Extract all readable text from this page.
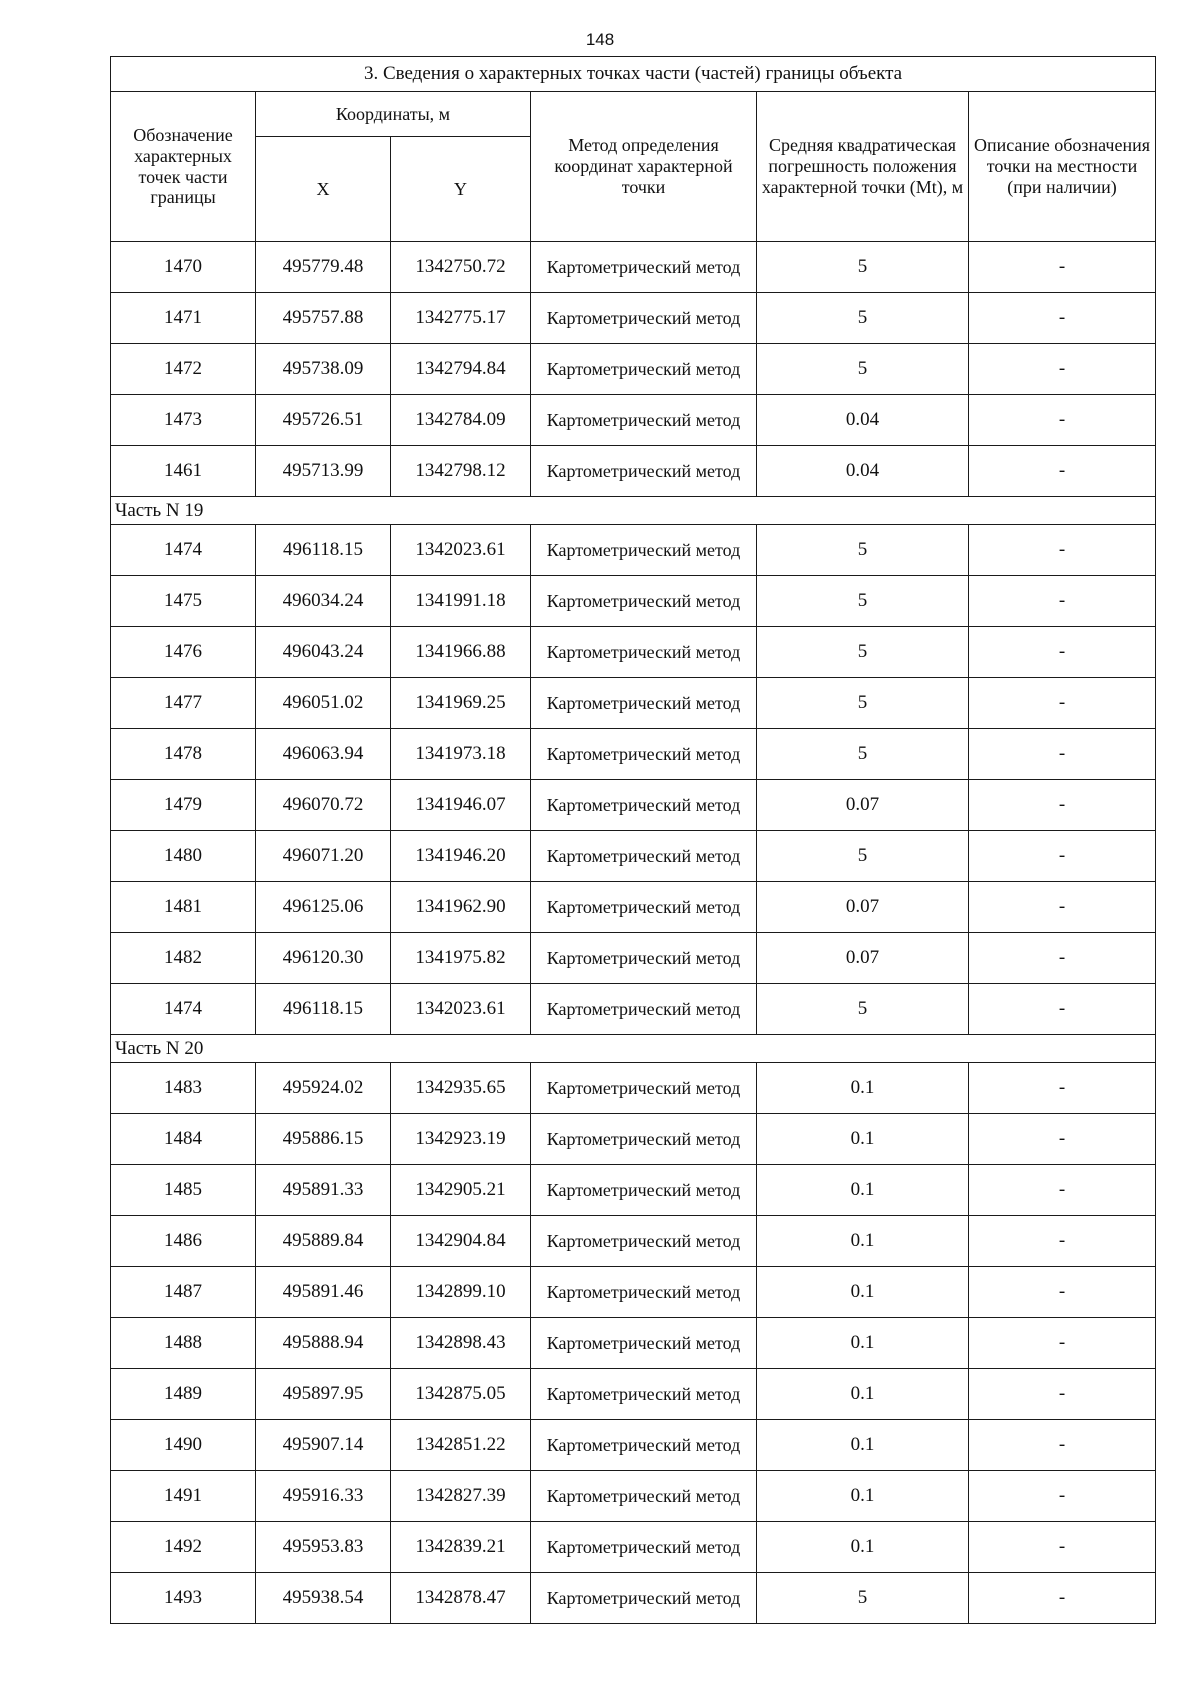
148
3. Сведения о характерных точках части (частей) границы объекта					
Обозначение характерных точек части границы	Координаты, м		Метод определения координат характерной точки	Средняя квадратическая погрешность положения характерной точки (Mt), м	Описание обозначения точки на местности (при наличии)
	X	Y			
1470	495779.48	1342750.72	Картометрический метод	5	-
1471	495757.88	1342775.17	Картометрический метод	5	-
1472	495738.09	1342794.84	Картометрический метод	5	-
1473	495726.51	1342784.09	Картометрический метод	0.04	-
1461	495713.99	1342798.12	Картометрический метод	0.04	-
Часть N 19					
1474	496118.15	1342023.61	Картометрический метод	5	-
1475	496034.24	1341991.18	Картометрический метод	5	-
1476	496043.24	1341966.88	Картометрический метод	5	-
1477	496051.02	1341969.25	Картометрический метод	5	-
1478	496063.94	1341973.18	Картометрический метод	5	-
1479	496070.72	1341946.07	Картометрический метод	0.07	-
1480	496071.20	1341946.20	Картометрический метод	5	-
1481	496125.06	1341962.90	Картометрический метод	0.07	-
1482	496120.30	1341975.82	Картометрический метод	0.07	-
1474	496118.15	1342023.61	Картометрический метод	5	-
Часть N 20					
1483	495924.02	1342935.65	Картометрический метод	0.1	-
1484	495886.15	1342923.19	Картометрический метод	0.1	-
1485	495891.33	1342905.21	Картометрический метод	0.1	-
1486	495889.84	1342904.84	Картометрический метод	0.1	-
1487	495891.46	1342899.10	Картометрический метод	0.1	-
1488	495888.94	1342898.43	Картометрический метод	0.1	-
1489	495897.95	1342875.05	Картометрический метод	0.1	-
1490	495907.14	1342851.22	Картометрический метод	0.1	-
1491	495916.33	1342827.39	Картометрический метод	0.1	-
1492	495953.83	1342839.21	Картометрический метод	0.1	-
1493	495938.54	1342878.47	Картометрический метод	5	-
